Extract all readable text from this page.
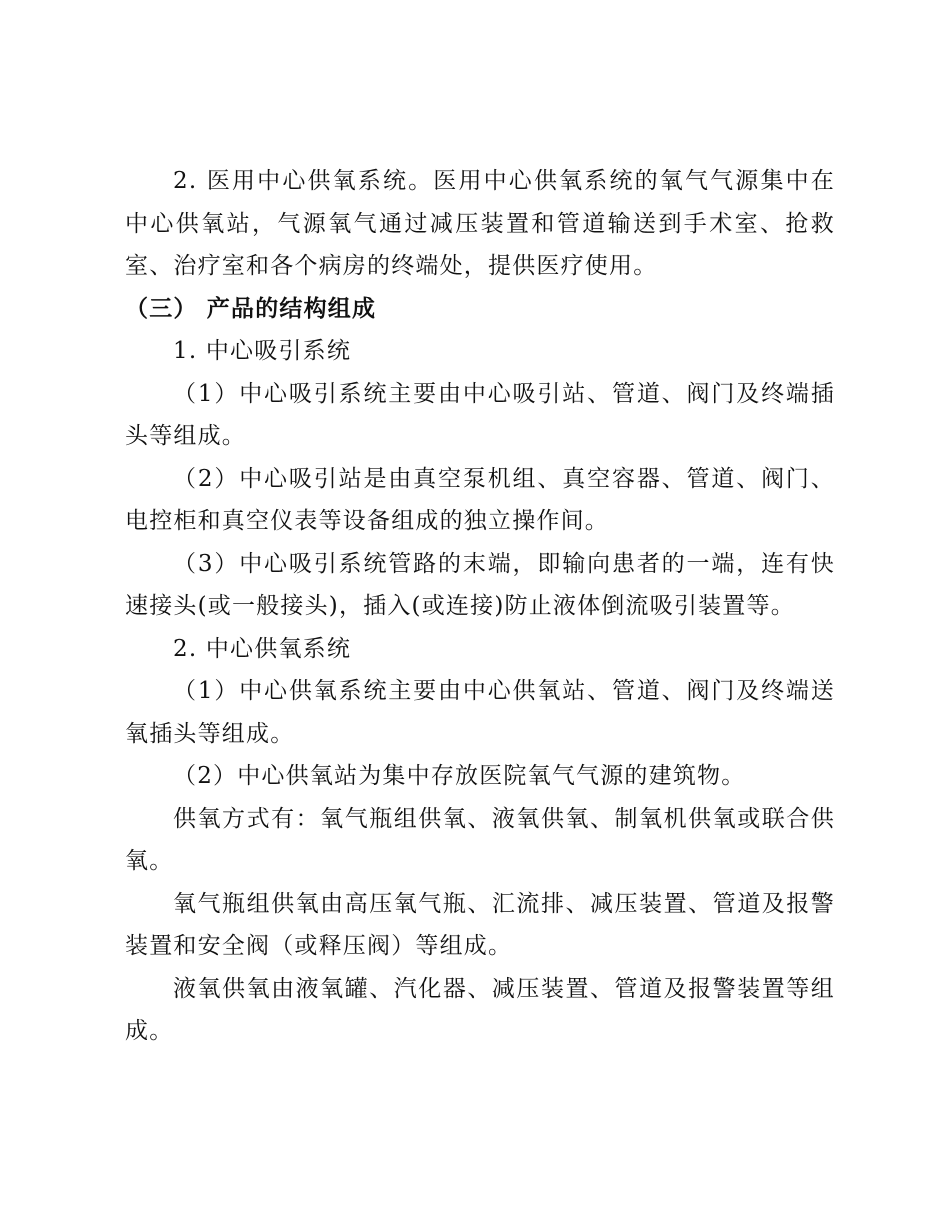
2. 医用中心供氧系统。医用中心供氧系统的氧气气源集中在中心供氧站，气源氧气通过减压装置和管道输送到手术室、抢救室、治疗室和各个病房的终端处，提供医疗使用。

（三） 产品的结构组成

1. 中心吸引系统

（1）中心吸引系统主要由中心吸引站、管道、阀门及终端插头等组成。

（2）中心吸引站是由真空泵机组、真空容器、管道、阀门、电控柜和真空仪表等设备组成的独立操作间。

（3）中心吸引系统管路的末端，即输向患者的一端，连有快速接头(或一般接头)，插入(或连接)防止液体倒流吸引装置等。

2. 中心供氧系统

（1）中心供氧系统主要由中心供氧站、管道、阀门及终端送氧插头等组成。

（2）中心供氧站为集中存放医院氧气气源的建筑物。

供氧方式有：氧气瓶组供氧、液氧供氧、制氧机供氧或联合供氧。

氧气瓶组供氧由高压氧气瓶、汇流排、减压装置、管道及报警装置和安全阀（或释压阀）等组成。

液氧供氧由液氧罐、汽化器、减压装置、管道及报警装置等组成。
